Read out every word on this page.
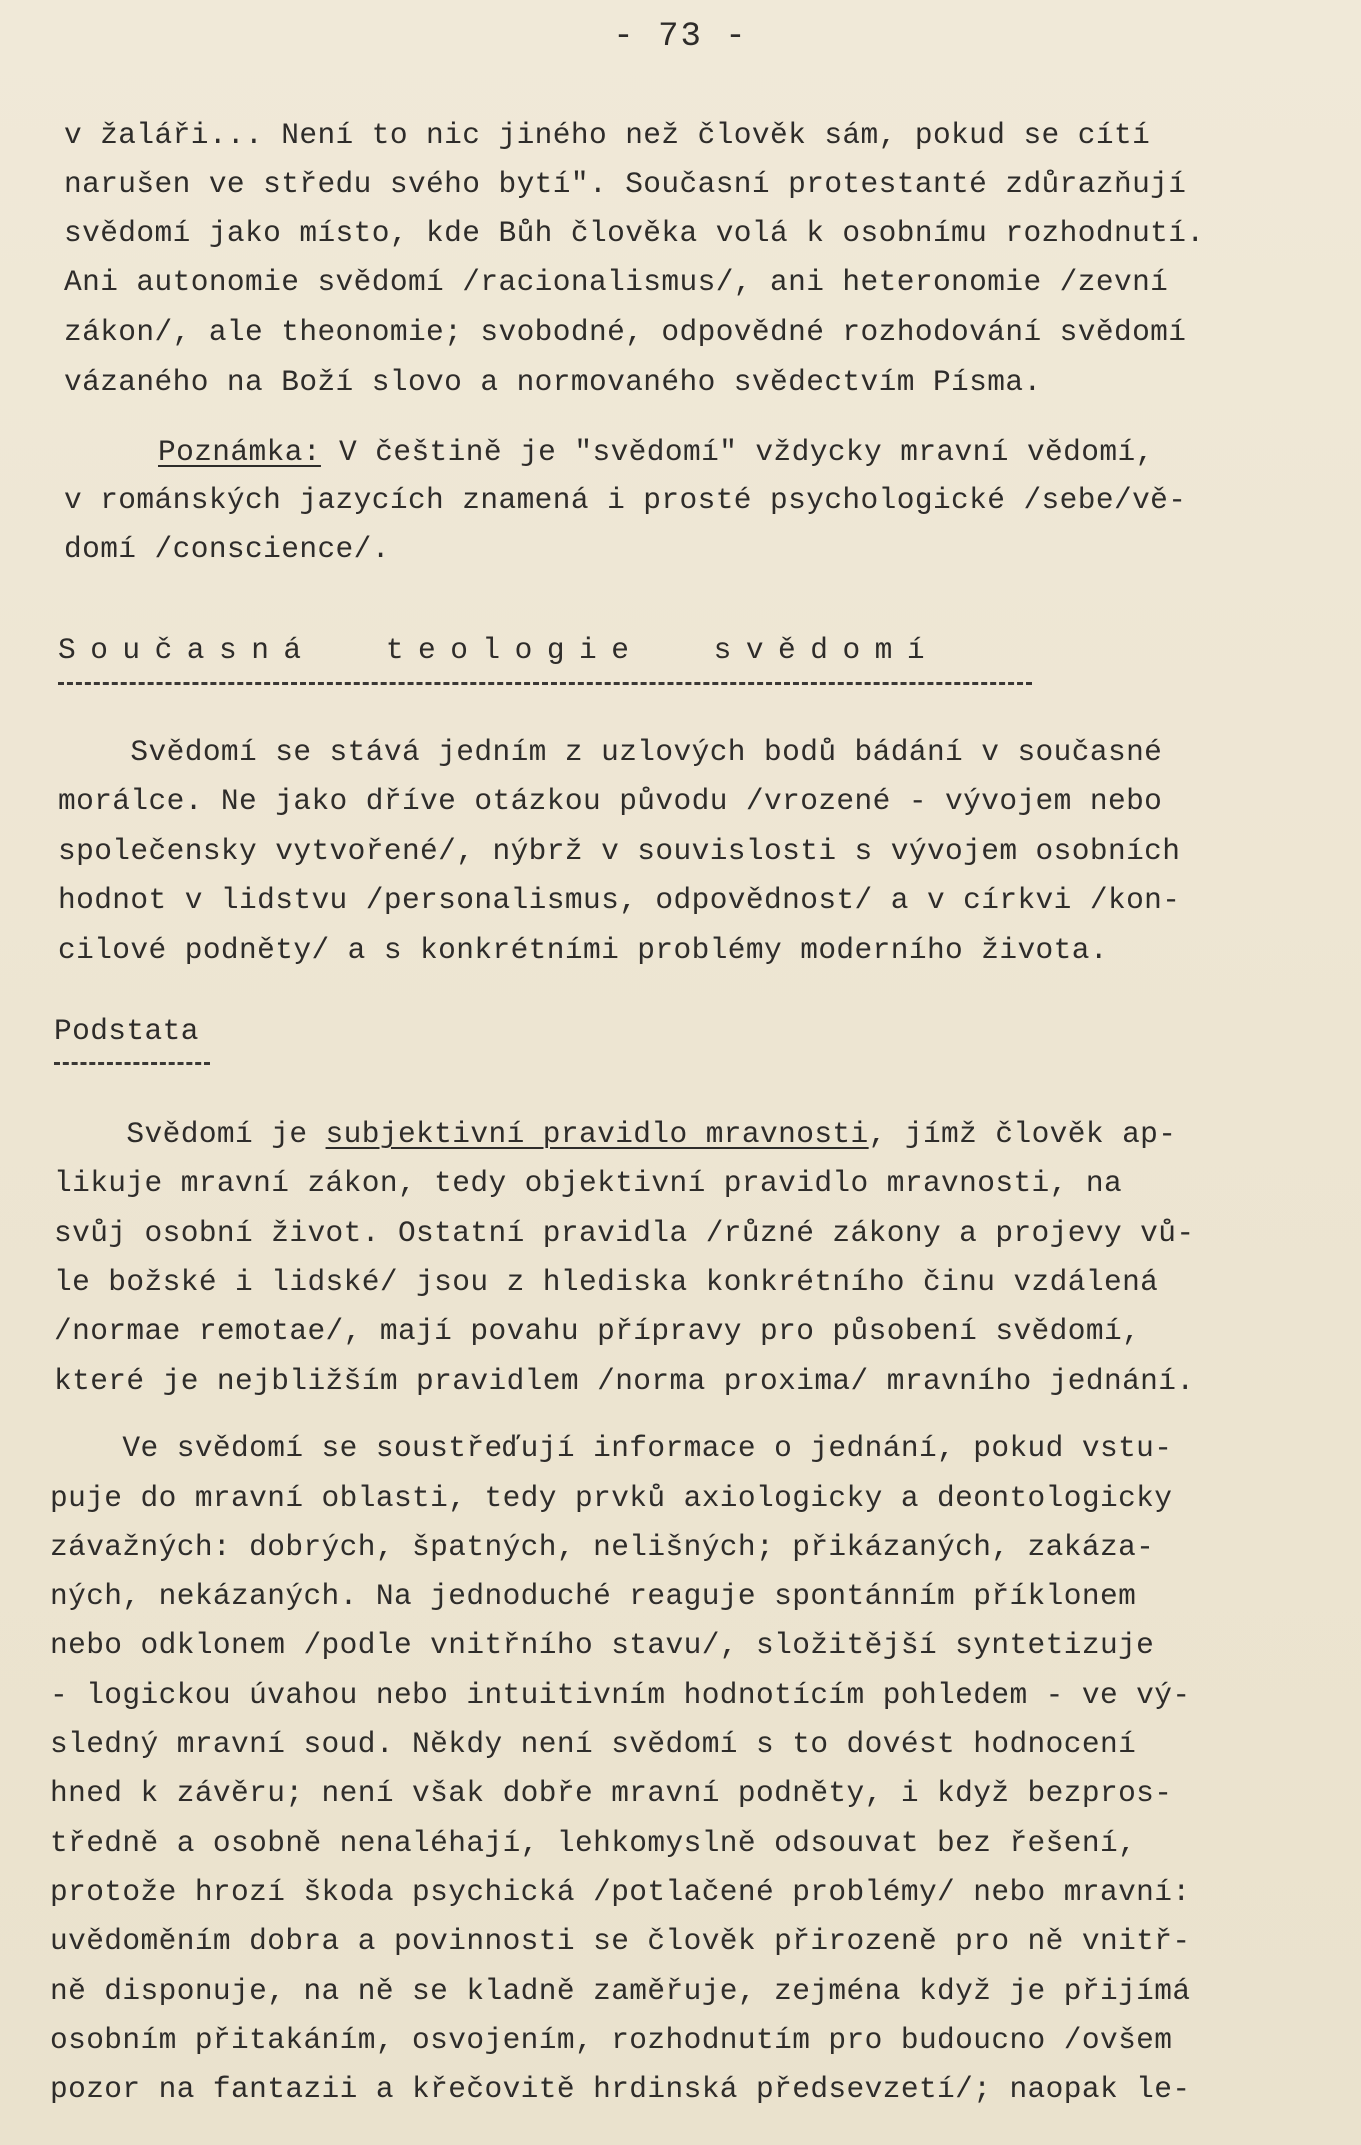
- 73 -
v žaláři... Není to nic jiného než člověk sám, pokud se cítí
narušen ve středu svého bytí". Současní protestanté zdůrazňují
svědomí jako místo, kde Bůh člověka volá k osobnímu rozhodnutí.
Ani autonomie svědomí /racionalismus/, ani heteronomie /zevní
zákon/, ale theonomie; svobodné, odpovědné rozhodování svědomí
vázaného na Boží slovo a normovaného svědectvím Písma.
Poznámka: V češtině je "svědomí" vždycky mravní vědomí,
v románských jazycích znamená i prosté psychologické /sebe/vě-
domí /conscience/.
Současná teologie svědomí
Svědomí se stává jedním z uzlových bodů bádání v současné
morálce. Ne jako dříve otázkou původu /vrozené - vývojem nebo
společensky vytvořené/, nýbrž v souvislosti s vývojem osobních
hodnot v lidstvu /personalismus, odpovědnost/ a v církvi /kon-
cilové podněty/ a s konkrétními problémy moderního života.
Podstata
Svědomí je subjektivní pravidlo mravnosti, jímž člověk ap-
likuje mravní zákon, tedy objektivní pravidlo mravnosti, na
svůj osobní život. Ostatní pravidla /různé zákony a projevy vů-
le božské i lidské/ jsou z hlediska konkrétního činu vzdálená
/normae remotae/, mají povahu přípravy pro působení svědomí,
které je nejbližším pravidlem /norma proxima/ mravního jednání.
Ve svědomí se soustřeďují informace o jednání, pokud vstu-
puje do mravní oblasti, tedy prvků axiologicky a deontologicky
závažných: dobrých, špatných, nelišných; přikázaných, zakáza-
ných, nekázaných. Na jednoduché reaguje spontánním příklonem
nebo odklonem /podle vnitřního stavu/, složitější syntetizuje
- logickou úvahou nebo intuitivním hodnotícím pohledem - ve vý-
sledný mravní soud. Někdy není svědomí s to dovést hodnocení
hned k závěru; není však dobře mravní podněty, i když bezpros-
tředně a osobně nenaléhají, lehkomyslně odsouvat bez řešení,
protože hrozí škoda psychická /potlačené problémy/ nebo mravní:
uvědoměním dobra a povinnosti se člověk přirozeně pro ně vnitř-
ně disponuje, na ně se kladně zaměřuje, zejména když je přijímá
osobním přitakáním, osvojením, rozhodnutím pro budoucno /ovšem
pozor na fantazii a křečovitě hrdinská předsevzetí/; naopak le-
